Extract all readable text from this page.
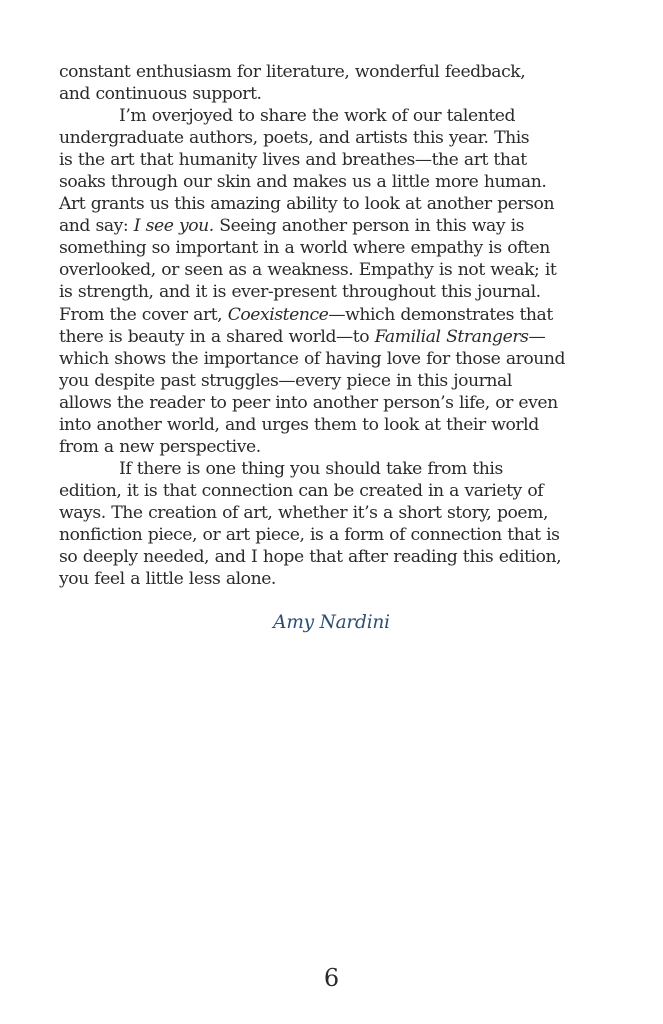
constant enthusiasm for literature, wonderful feedback,
and continuous support.
I’m overjoyed to share the work of our talented
undergraduate authors, poets, and artists this year. This
is the art that humanity lives and breathes—the art that
soaks through our skin and makes us a little more human.
Art grants us this amazing ability to look at another person
and say: I see you. Seeing another person in this way is
something so important in a world where empathy is often
overlooked, or seen as a weakness. Empathy is not weak; it
is strength, and it is ever-present throughout this journal.
From the cover art, Coexistence—which demonstrates that
there is beauty in a shared world—to Familial Strangers—
which shows the importance of having love for those around
you despite past struggles—every piece in this journal
allows the reader to peer into another person’s life, or even
into another world, and urges them to look at their world
from a new perspective.
If there is one thing you should take from this
edition, it is that connection can be created in a variety of
ways. The creation of art, whether it’s a short story, poem,
nonfiction piece, or art piece, is a form of connection that is
so deeply needed, and I hope that after reading this edition,
you feel a little less alone.
Amy Nardini
6
